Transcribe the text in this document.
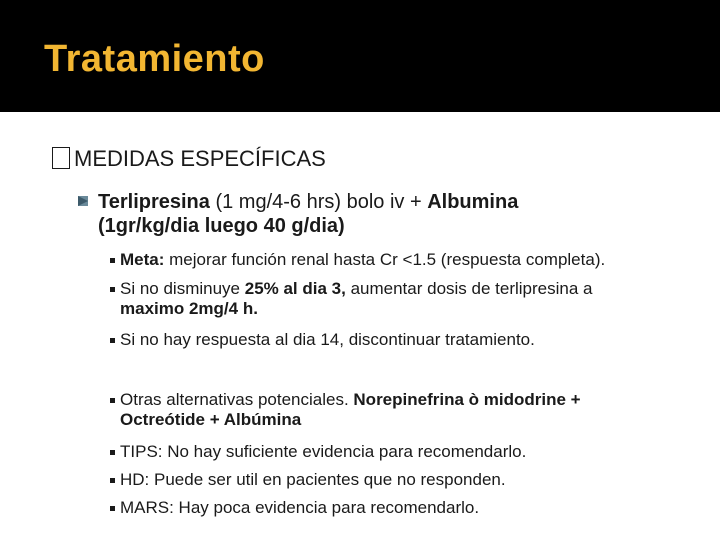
Tratamiento
MEDIDAS ESPECÍFICAS
Terlipresina (1 mg/4-6 hrs) bolo iv + Albumina
(1gr/kg/dia luego 40 g/dia)
Meta: mejorar función renal hasta Cr <1.5 (respuesta completa).
Si no disminuye 25% al dia 3, aumentar dosis de terlipresina a
maximo 2mg/4 h.
Si no hay respuesta al dia 14, discontinuar tratamiento.
Otras alternativas potenciales. Norepinefrina ò midodrine +
Octreótide + Albúmina
TIPS: No hay suficiente evidencia para recomendarlo.
HD: Puede ser util en pacientes que no responden.
MARS: Hay poca evidencia para recomendarlo.
